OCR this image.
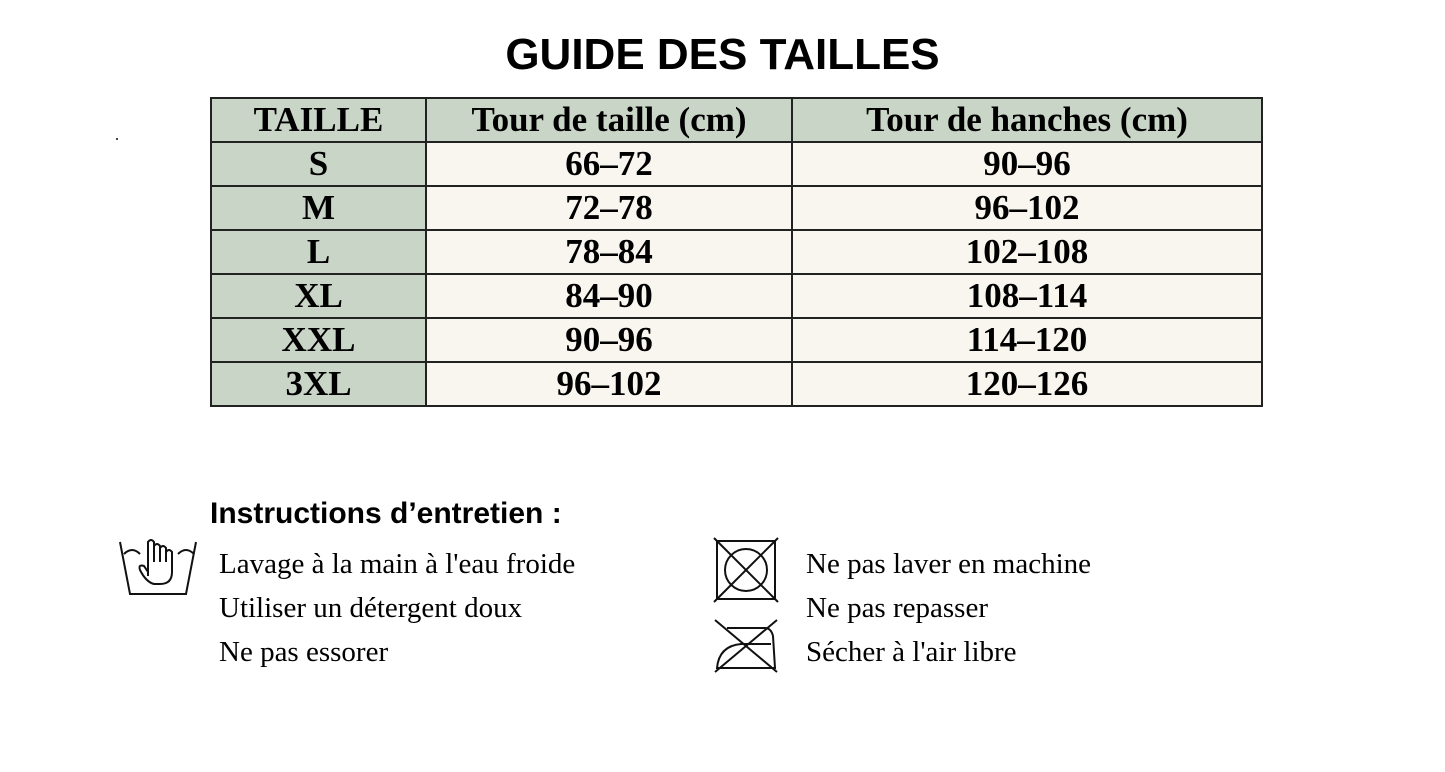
GUIDE DES TAILLES
TAILLE	Tour de taille (cm)	Tour de hanches (cm)
S	66–72	90–96
M	72–78	96–102
L	78–84	102–108
XL	84–90	108–114
XXL	90–96	114–120
3XL	96–102	120–126
Instructions d’entretien :
Lavage à la main à l'eau froide
Utiliser un détergent doux
Ne pas essorer
Ne pas laver en machine
Ne pas repasser
Sécher à l'air libre
